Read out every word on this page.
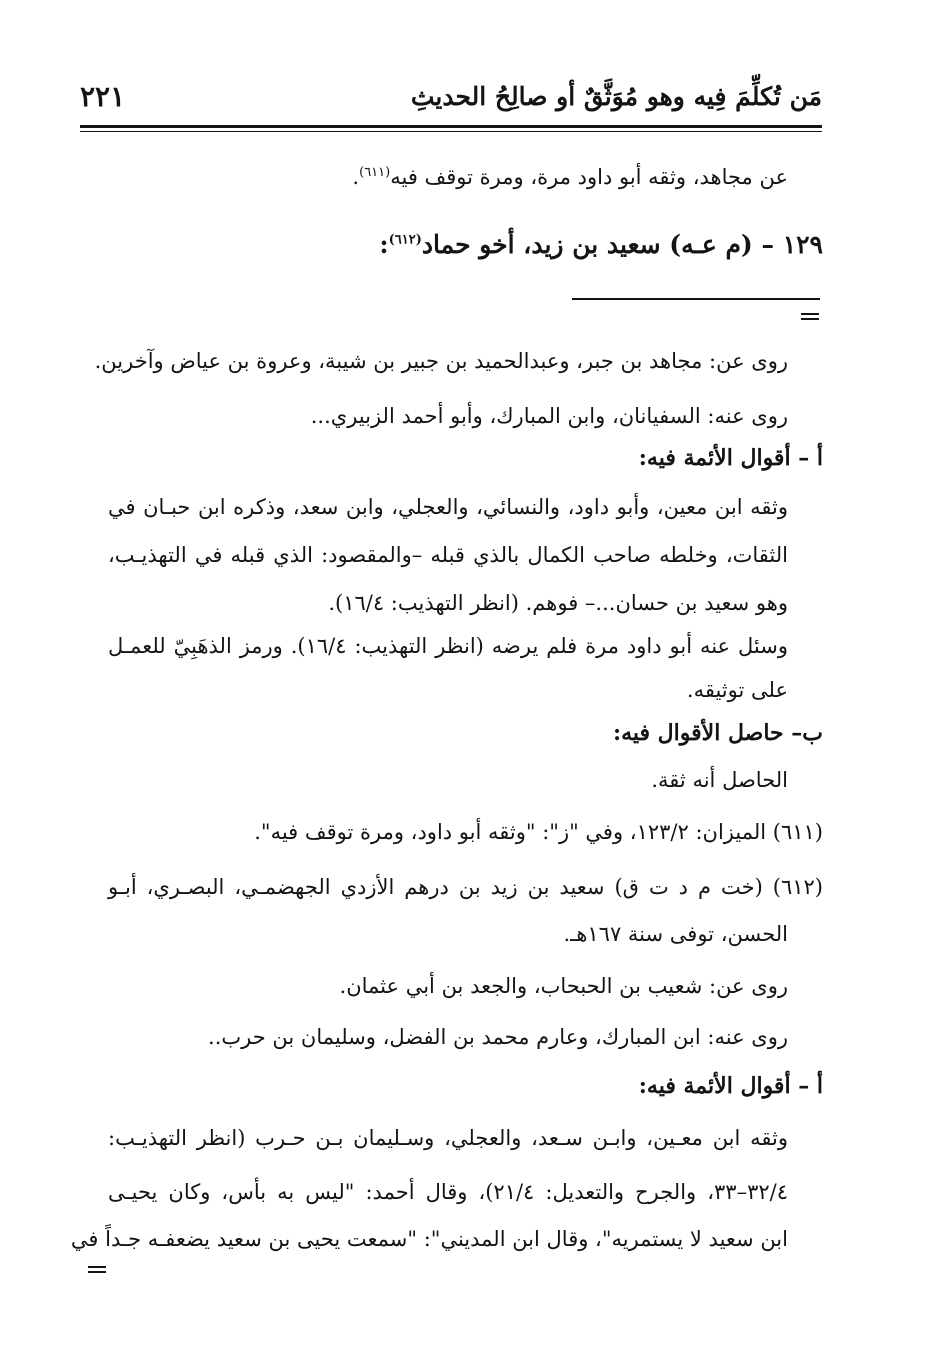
مَن تُكلِّمَ فِيه وهو مُوَثَّقٌ أو صالِحُ الحديثِ
٢٢١
عن مجاهد، وثقه أبو داود مرة، ومرة توقف فيه$^{(٦١١)}$.
١٢٩ – (م عـه) سعيد بن زيد، أخو حماد$^{(٦١٢)}$:
روى عن: مجاهد بن جبر، وعبدالحميد بن جبير بن شيبة، وعروة بن عياض وآخرين.
روى عنه: السفيانان، وابن المبارك، وأبو أحمد الزبيري...
أ – أقوال الأئمة فيه:
وثقه ابن معين، وأبو داود، والنسائي، والعجلي، وابن سعد، وذكره ابن حبـان في
الثقات، وخلطه صاحب الكمال بالذي قبله –والمقصود: الذي قبله في التهذيـب،
وهو سعيد بن حسان...– فوهم. (انظر التهذيب: ١٦/٤).
وسئل عنه أبو داود مرة فلم يرضه (انظر التهذيب: ١٦/٤). ورمز الذهَبِيّ للعمـل
على توثيقه.
ب– حاصل الأقوال فيه:
الحاصل أنه ثقة.
(٦١١) الميزان: ١٢٣/٢، وفي "ز": "وثقه أبو داود، ومرة توقف فيه".
(٦١٢) (خت م د ت ق) سعيد بن زيد بن درهم الأزدي الجهضمـي، البصـري، أبـو
الحسن، توفى سنة ١٦٧هـ.
روى عن: شعيب بن الحبحاب، والجعد بن أبي عثمان.
روى عنه: ابن المبارك، وعارم محمد بن الفضل، وسليمان بن حرب..
أ – أقوال الأئمة فيه:
وثقه ابن معـين، وابـن سـعد، والعجلي، وسـليمان بـن حـرب (انظر التهذيـب:
٣٢/٤–٣٣، والجرح والتعديل: ٢١/٤)، وقال أحمد: "ليس به بأس، وكان يحيـى
ابن سعيد لا يستمريه"، وقال ابن المديني": "سمعت يحيى بن سعيد يضعفـه جـداً في
